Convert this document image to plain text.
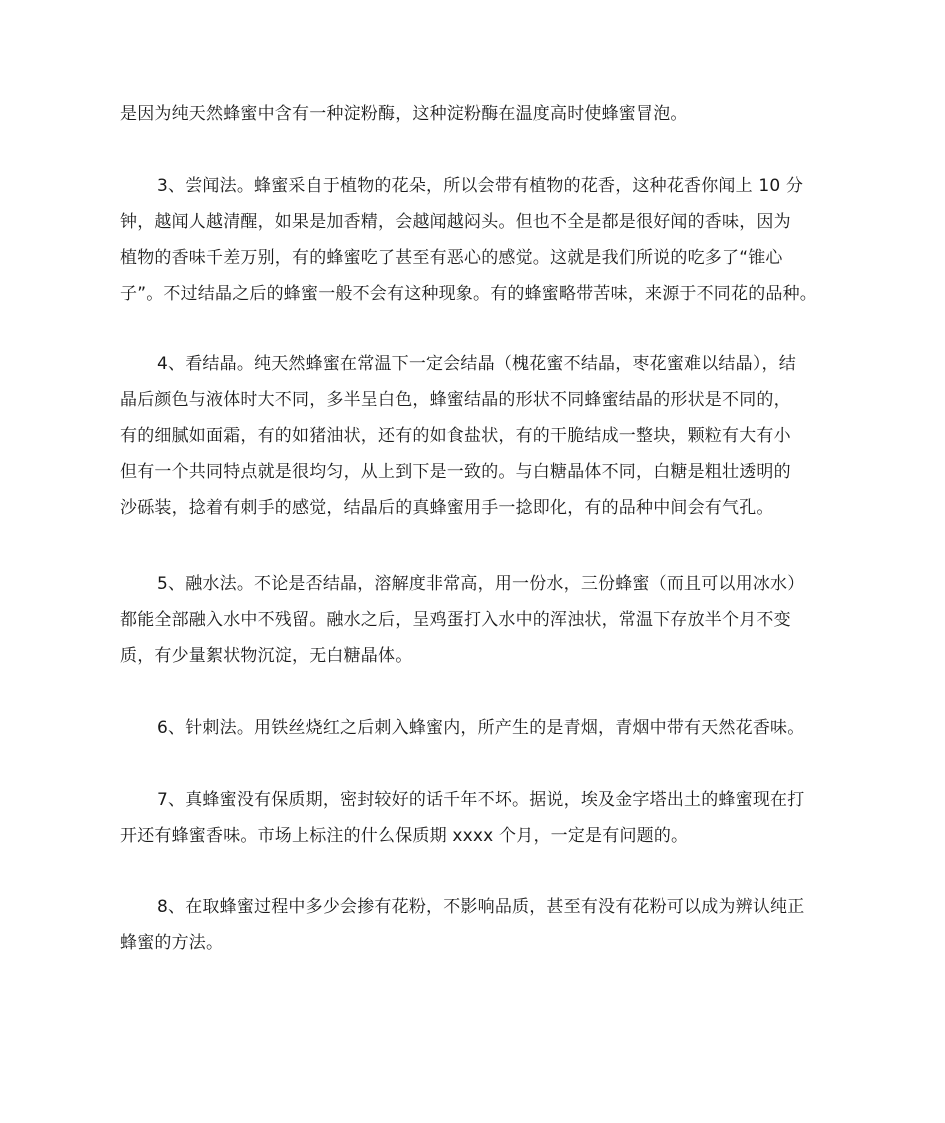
是因为纯天然蜂蜜中含有一种淀粉酶，这种淀粉酶在温度高时使蜂蜜冒泡。
3、尝闻法。蜂蜜采自于植物的花朵，所以会带有植物的花香，这种花香你闻上 10 分
钟，越闻人越清醒，如果是加香精，会越闻越闷头。但也不全是都是很好闻的香味，因为
植物的香味千差万别，有的蜂蜜吃了甚至有恶心的感觉。这就是我们所说的吃多了“锥心
子”。不过结晶之后的蜂蜜一般不会有这种现象。有的蜂蜜略带苦味，来源于不同花的品种。
4、看结晶。纯天然蜂蜜在常温下一定会结晶（槐花蜜不结晶，枣花蜜难以结晶），结
晶后颜色与液体时大不同，多半呈白色，蜂蜜结晶的形状不同蜂蜜结晶的形状是不同的，
有的细腻如面霜，有的如猪油状，还有的如食盐状，有的干脆结成一整块，颗粒有大有小
但有一个共同特点就是很均匀，从上到下是一致的。与白糖晶体不同，白糖是粗壮透明的
沙砾装，捻着有刺手的感觉，结晶后的真蜂蜜用手一捻即化，有的品种中间会有气孔。
5、融水法。不论是否结晶，溶解度非常高，用一份水，三份蜂蜜（而且可以用冰水）
都能全部融入水中不残留。融水之后，呈鸡蛋打入水中的浑浊状，常温下存放半个月不变
质，有少量絮状物沉淀，无白糖晶体。
6、针刺法。用铁丝烧红之后刺入蜂蜜内，所产生的是青烟，青烟中带有天然花香味。
7、真蜂蜜没有保质期，密封较好的话千年不坏。据说，埃及金字塔出土的蜂蜜现在打
开还有蜂蜜香味。市场上标注的什么保质期 xxxx 个月，一定是有问题的。
8、在取蜂蜜过程中多少会掺有花粉，不影响品质，甚至有没有花粉可以成为辨认纯正
蜂蜜的方法。
